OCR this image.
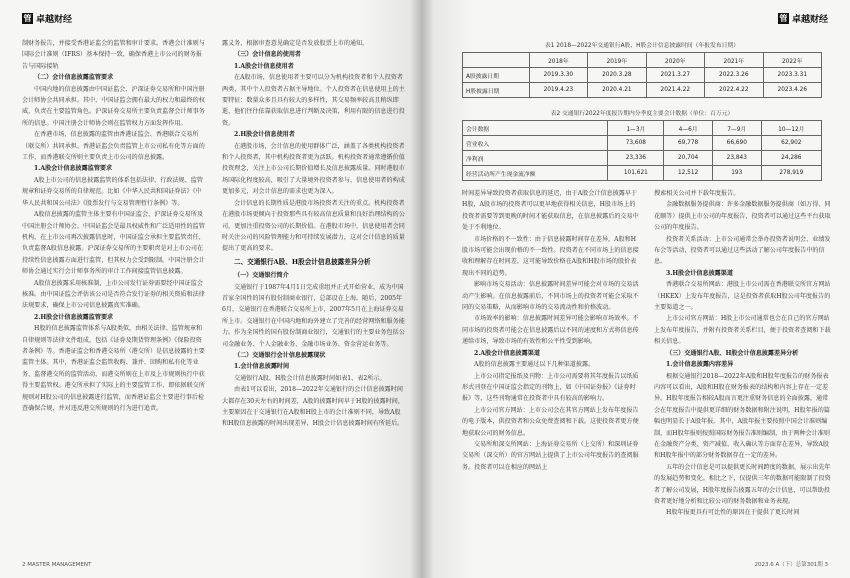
管 卓越财经

制财务报告，并接受香港证监会的监管和审计要求。香港会计准则与国际会计准则（IFRS）基本保持一致，确保香港上市公司的财务报告与国际接轨

（二）会计信息披露监管要求

中国内地的信息披露由中国证监会、沪深证券交易所和中国注册会计师协会共同承担。其中，中国证监会拥有最大的权力和最终的权威，负责在主要监管角色。沪深证券交易所主要负责监督会计师事务所的信息。中国注册会计师协会则在监管权力方面发挥作用。

在香港市场，信息披露的监管由香港证监会、香港联合交易所（联交所）共同承担。香港证监会负责监管上市公司私有化等方面的工作，而香港联交所则主要负责上市公司的信息披露。

1.A股会计信息披露监管要求

A股上市公司的信息披露监管的体系包括法律、行政法规、监管规章和证券交易所的自律规范。比如《中华人民共和国证券法》《中华人民共和国公司法》《股票发行与交易管理暂行条例》等。

A股信息披露的监管主体主要有中国证监会、沪深证券交易所及中国注册会计师协会。中国证监会是最具权威性和广泛适用性的监管机构，在上市公司再次披露信息时，中国证监会承担主要监管责任，负责监督A股信息披露。沪深证券交易所的主要职责是对上市公司在持续性信息披露方面进行监管，但其权力会受到限制。中国注册会计师协会通过实行会计师事务所的审计工作间接监管信息披露。

A股信息披露采用核准制，上市公司发行证券需要经中国证监会核准。由中国证监会评估该公司是否符合发行证券的相关资质和法律法规要求，确保上市公司信息披露真实准确。

2.H股会计信息披露监管要求

H股的信息披露监管体系与A股类似，由相关法律、监管规章和自律规则等法律文件组成，包括《证券及期货管理条例》《保险投资者条例》等。香港证监会和香港交易所（港交所）是信息披露的主要监管主体。其中，香港证监会监管收购、兼并、回购和私有化等业务，监督港交所的监管活动，而港交所则在上市及上市规则执行中获得主要监管权。港交所承担了实际上的主要监管工作，即依据联交所规则对H股公司的信息披露进行监管，而香港证监会主要进行事后检查确保合规，并对违反港交所规则的行为进行追责。

露义务，根据审查意见确定是否发放股票上市的通知。

（三）会计信息的使用者

1.A股会计信息使用者

在A股市场，信息使用者主要可以分为机构投资者和个人投资者两类，其中个人投资者占据主导地位。个人投资者在信息使用上的主要特征：数量众多且具有较大的多样性，其交易频率较高且稍纵即逝，他们往往依靠获取信息进行判断及决策，利用有限的信息进行投资。

2.H股会计信息使用者

在港股市场，会计信息的使用群体广泛，涵盖了各类机构投资者和个人投资者，其中机构投资者更为活跃。机构投资者通常遵循价值投资理念，关注上市公司长期价值增长及信息披露质量。同时港股市场国际化程度较高，吸引了大量境外投资者参与，信息使用者的构成更加多元，对会计信息的需求也更为深入。

会计信息的长期性质是港股市场投资者关注的重点。机构投资者在港股市场更倾向于投资那些具有较高信息质量和良好治理结构的公司，更加注重投资公司的长期价值。在港股市场中，信息使用者会同时关注公司的风险管理能力和可持续发展潜力，这对会计信息的质量提出了更高的要求。

二、交通银行A股、H股会计信息披露差异分析

（一）交通银行简介

交通银行于1987年4月1日完成重组并正式开始营业，成为中国首家全国性的国有股份制商业银行，总部设在上海。随后，2005年6月，交通银行在香港联合交易所上市，2007年5月在上海证券交易所上市。交通银行在中国内地和海外建立了完善的经营网络和服务能力。作为全国性的国有股份制商业银行，交通银行的主要业务包括公司金融业务、个人金融业务、金融市场业务、资金营运业务等。

（二）交通银行会计信息披露现状

1.会计信息披露时间

交通银行A股、H股会计信息披露时间如表1、表2所示。

由表1可以看出，2018—2022年交通银行的会计信息披露时间大都存在30天左右的时间差，A股的披露时间早于H股的披露时间，主要原因在于交通银行在A股和H股上市的会计准则不同，导致A股和H股信息披露的时间出现差异，H股会计信息披露时间有所延后。

2 MASTER MANAGEMENT
管 卓越财经
表1 2018—2022年交通银行A股、H股会计信息披露时间（年报发布日期）
	2018年	2019年	2020年	2021年	2022年
A股披露日期	2019.3.30	2020.3.28	2021.3.27	2022.3.26	2023.3.31
H股披露日期	2019.4.23	2020.4.21	2021.4.22	2022.4.22	2023.4.26
表2 交通银行2022年度报告期内分季度主要会计数据（单位：百万元）
会计数据	1—3月	4—6月	7—9月	10—12月
营业收入	73,608	69,778	66,690	62,902
净利润	23,336	20,704	23,843	24,286
经营活动所产生现金流净额	101,621	12,512	193	278,919

时间差异导致投资者获取信息的延迟，由于A股会计信息披露早于H股，A股市场的投资者可以更早地获得相关信息，H股市场上的投资者需要等到更晚的时间才能获取信息，在信息披露后的交易中处于不利地位。

市场价格的不一致性：由于信息披露时间存在差异，A股和H股市场可能会出现价格的不一致性。投资者在不同市场上的信息接收和理解存在时间差，这可能导致价格在A股和H股市场的股价表现出不同的趋势。

影响市场交易活动：信息披露时间差异可能会对市场的交易活动产生影响。在信息披露前后，不同市场上的投资者可能会采取不同的交易策略，从而影响市场的交易流动性和价格波动。

市场效率的影响：信息披露时间差异可能会影响市场效率。不同市场的投资者可能会在信息披露后以不同的速度和方式将信息传递给市场，导致市场的有效性和公平性受到影响。

2.A股会计信息披露渠道

A股的信息披露主要通过以下几种渠道披露。

上市公司指定报纸及刊物：上市公司需要将其年度报告以纸质形式刊登在中国证监会指定的刊物上，如《中国证券报》《证券时报》等，这些刊物通常在投资者中具有较高的影响力。

上市公司官方网站：上市公司会在其官方网站上发布年度报告的电子版本，供投资者和公众免费查阅和下载。这使投资者更方便地获取公司的财务信息。

交易所和深交所网站：上海证券交易所（上交所）和深圳证券交易所（深交所）的官方网站上提供了上市公司年度报告的查阅服务。投资者可以在相应的网站上

搜索相关公司并下载年度报告。

金融数据服务提供商：许多金融数据服务提供商（如万得、同花顺等）提供上市公司的年度报告，投资者可以通过这些平台获取公司的年度报告。

投资者关系活动：上市公司通常会举办投资者说明会、业绩发布会等活动，投资者可以通过这些活动了解公司年度报告中的信息。

3.H股会计信息披露渠道

香港联合交易所网站：港股上市公司需在香港联交所官方网站（HKEX）上发布年度报告，这是投资者获取H股公司年度报告的主要渠道之一。

上市公司官方网站：H股上市公司通常也会在自己的官方网站上发布年度报告，并附有投资者关系栏目，便于投资者查阅和下载相关信息。

（三）交通银行A股、H股会计信息披露差异分析

1.会计信息披露内容差异

根据交通银行2018—2022年A股和H股年度报告的财务报表内容可以看出，A股和H股在财务报表的结构和内容上存在一定差异。H股年度报告相较A股而言更注重财务信息的全面披露，通常会在年度报告中提供更详细的财务数据和附注说明，H股年报的篇幅也明显长于A股年报。其中，A股年报主要按照中国会计准则编制，而H股年报则按照国际财务报告准则编制，由于两种会计准则在金融资产分类、资产减值、收入确认等方面存在差异，导致A股和H股年报中的部分财务数据存在一定的差异。

五年的会计信息是可以提供更长时间跨度的数据，展示出先年的发展趋势和变化。相比之下，仅提供三年的数据可能限制了投资者了解公司发展，H股年度报告披露五年的会计信息，可以帮助投资者更好地分析和比较公司的财务数据和业务表现。

H股年报更具有可比性的原因在于提供了更长时间

2023.6 A（下）总第301期 3
